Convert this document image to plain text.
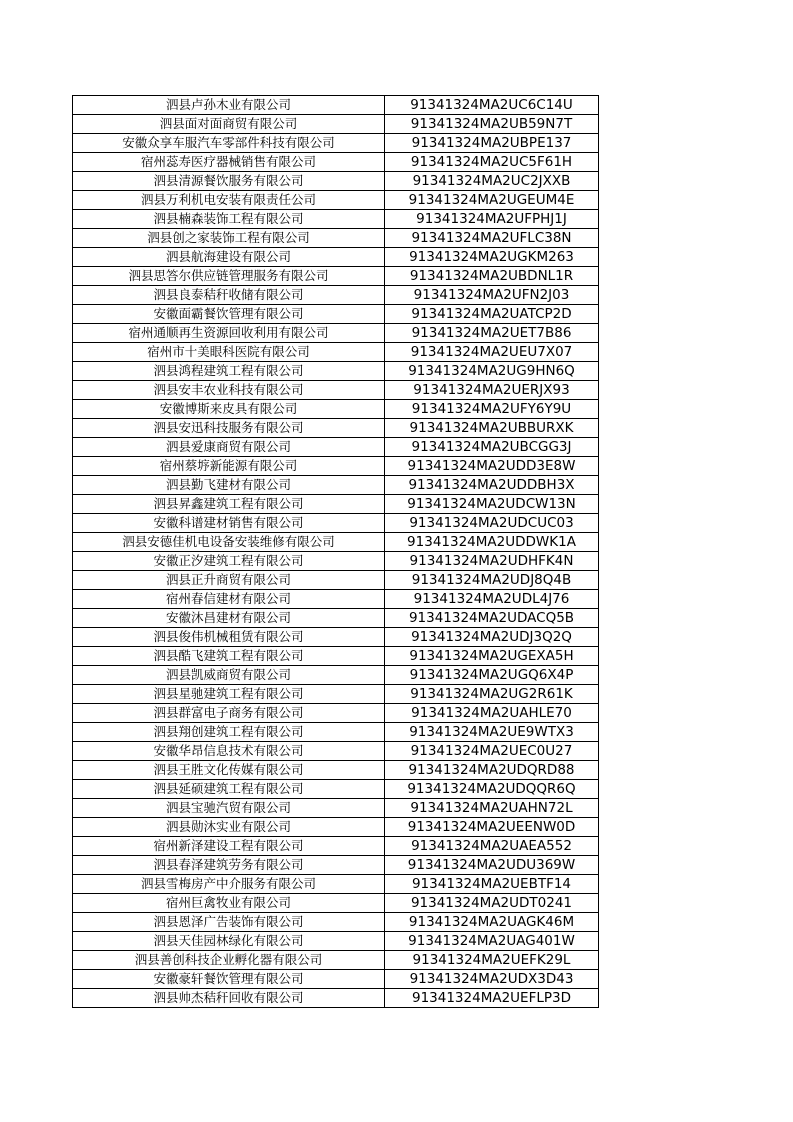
泗县卢孙木业有限公司	91341324MA2UC6C14U
泗县面对面商贸有限公司	91341324MA2UB59N7T
安徽众享车服汽车零部件科技有限公司	91341324MA2UBPE137
宿州蕊寿医疗器械销售有限公司	91341324MA2UC5F61H
泗县清源餐饮服务有限公司	91341324MA2UC2JXXB
泗县万利机电安装有限责任公司	91341324MA2UGEUM4E
泗县楠森装饰工程有限公司	91341324MA2UFPHJ1J
泗县创之家装饰工程有限公司	91341324MA2UFLC38N
泗县航海建设有限公司	91341324MA2UGKM263
泗县思答尔供应链管理服务有限公司	91341324MA2UBDNL1R
泗县良泰秸秆收储有限公司	91341324MA2UFN2J03
安徽面霸餐饮管理有限公司	91341324MA2UATCP2D
宿州通顺再生资源回收利用有限公司	91341324MA2UET7B86
宿州市十美眼科医院有限公司	91341324MA2UEU7X07
泗县鸿程建筑工程有限公司	91341324MA2UG9HN6Q
泗县安丰农业科技有限公司	91341324MA2UERJX93
安徽博斯来皮具有限公司	91341324MA2UFY6Y9U
泗县安迅科技服务有限公司	91341324MA2UBBURXK
泗县爱康商贸有限公司	91341324MA2UBCGG3J
宿州蔡垿新能源有限公司	91341324MA2UDD3E8W
泗县勤飞建材有限公司	91341324MA2UDDBH3X
泗县昇鑫建筑工程有限公司	91341324MA2UDCW13N
安徽科谱建材销售有限公司	91341324MA2UDCUC03
泗县安德佳机电设备安装维修有限公司	91341324MA2UDDWK1A
安徽正汐建筑工程有限公司	91341324MA2UDHFK4N
泗县正升商贸有限公司	91341324MA2UDJ8Q4B
宿州春信建材有限公司	91341324MA2UDL4J76
安徽沐昌建材有限公司	91341324MA2UDACQ5B
泗县俊伟机械租赁有限公司	91341324MA2UDJ3Q2Q
泗县酷飞建筑工程有限公司	91341324MA2UGEXA5H
泗县凯威商贸有限公司	91341324MA2UGQ6X4P
泗县星驰建筑工程有限公司	91341324MA2UG2R61K
泗县群富电子商务有限公司	91341324MA2UAHLE70
泗县翔创建筑工程有限公司	91341324MA2UE9WTX3
安徽华昂信息技术有限公司	91341324MA2UEC0U27
泗县王胜文化传媒有限公司	91341324MA2UDQRD88
泗县延硕建筑工程有限公司	91341324MA2UDQQR6Q
泗县宝驰汽贸有限公司	91341324MA2UAHN72L
泗县勋沐实业有限公司	91341324MA2UEENW0D
宿州新泽建设工程有限公司	91341324MA2UAEA552
泗县春泽建筑劳务有限公司	91341324MA2UDU369W
泗县雪梅房产中介服务有限公司	91341324MA2UEBTF14
宿州巨禽牧业有限公司	91341324MA2UDT0241
泗县恩泽广告装饰有限公司	91341324MA2UAGK46M
泗县天佳园林绿化有限公司	91341324MA2UAG401W
泗县善创科技企业孵化器有限公司	91341324MA2UEFK29L
安徽豪轩餐饮管理有限公司	91341324MA2UDX3D43
泗县帅杰秸秆回收有限公司	91341324MA2UEFLP3D
